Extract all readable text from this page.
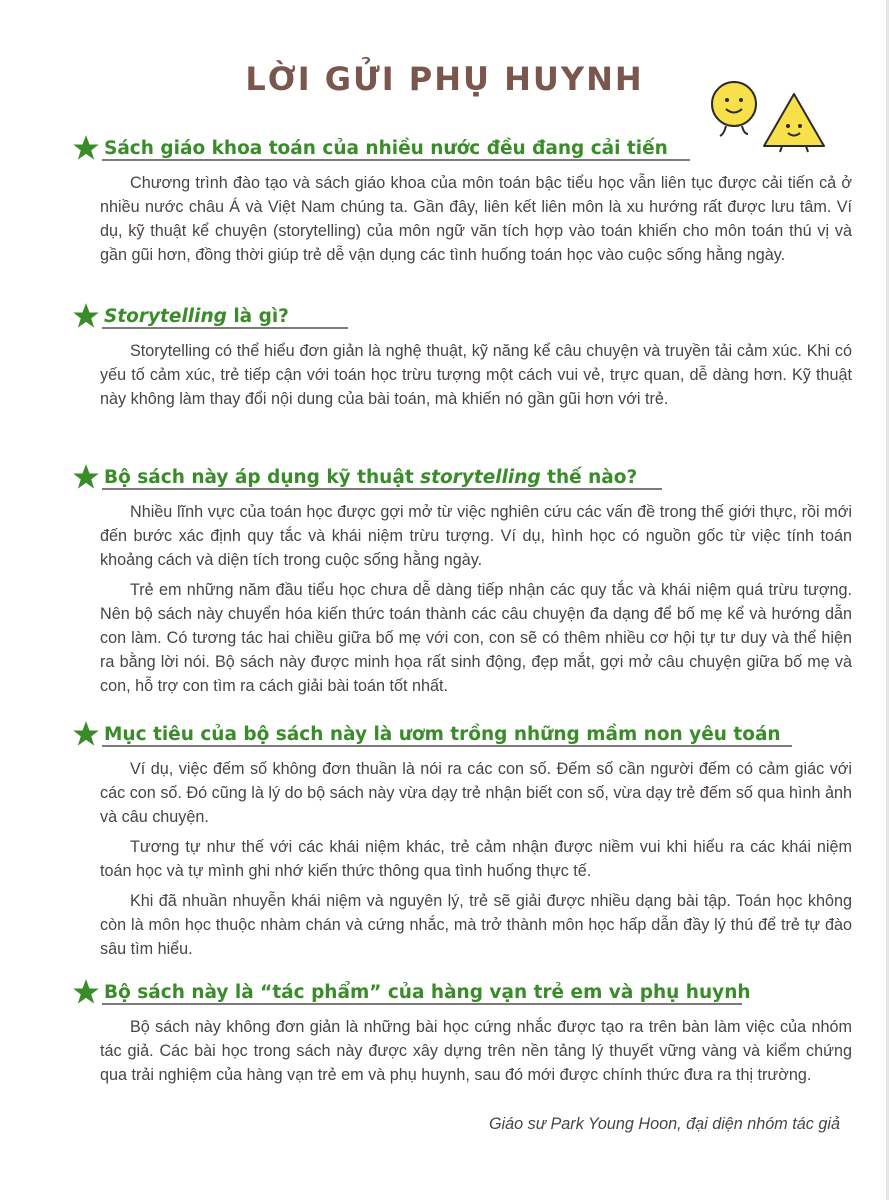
LỜI GỬI PHỤ HUYNH
Sách giáo khoa toán của nhiều nước đều đang cải tiến

Chương trình đào tạo và sách giáo khoa của môn toán bậc tiểu học vẫn liên tục được cải tiến cả ở nhiều nước châu Á và Việt Nam chúng ta. Gần đây, liên kết liên môn là xu hướng rất được lưu tâm. Ví dụ, kỹ thuật kể chuyện (storytelling) của môn ngữ văn tích hợp vào toán khiến cho môn toán thú vị và gần gũi hơn, đồng thời giúp trẻ dễ vận dụng các tình huống toán học vào cuộc sống hằng ngày.

Storytelling là gì?

Storytelling có thể hiểu đơn giản là nghệ thuật, kỹ năng kể câu chuyện và truyền tải cảm xúc. Khi có yếu tố cảm xúc, trẻ tiếp cận với toán học trừu tượng một cách vui vẻ, trực quan, dễ dàng hơn. Kỹ thuật này không làm thay đổi nội dung của bài toán, mà khiến nó gần gũi hơn với trẻ.

Bộ sách này áp dụng kỹ thuật storytelling thế nào?

Nhiều lĩnh vực của toán học được gợi mở từ việc nghiên cứu các vấn đề trong thế giới thực, rồi mới đến bước xác định quy tắc và khái niệm trừu tượng. Ví dụ, hình học có nguồn gốc từ việc tính toán khoảng cách và diện tích trong cuộc sống hằng ngày.

Trẻ em những năm đầu tiểu học chưa dễ dàng tiếp nhận các quy tắc và khái niệm quá trừu tượng. Nên bộ sách này chuyển hóa kiến thức toán thành các câu chuyện đa dạng để bố mẹ kể và hướng dẫn con làm. Có tương tác hai chiều giữa bố mẹ với con, con sẽ có thêm nhiều cơ hội tự tư duy và thể hiện ra bằng lời nói. Bộ sách này được minh họa rất sinh động, đẹp mắt, gợi mở câu chuyện giữa bố mẹ và con, hỗ trợ con tìm ra cách giải bài toán tốt nhất.

Mục tiêu của bộ sách này là ươm trồng những mầm non yêu toán

Ví dụ, việc đếm số không đơn thuần là nói ra các con số. Đếm số cần người đếm có cảm giác với các con số. Đó cũng là lý do bộ sách này vừa dạy trẻ nhận biết con số, vừa dạy trẻ đếm số qua hình ảnh và câu chuyện.

Tương tự như thế với các khái niệm khác, trẻ cảm nhận được niềm vui khi hiểu ra các khái niệm toán học và tự mình ghi nhớ kiến thức thông qua tình huống thực tế.

Khi đã nhuần nhuyễn khái niệm và nguyên lý, trẻ sẽ giải được nhiều dạng bài tập. Toán học không còn là môn học thuộc nhàm chán và cứng nhắc, mà trở thành môn học hấp dẫn đầy lý thú để trẻ tự đào sâu tìm hiểu.

Bộ sách này là “tác phẩm” của hàng vạn trẻ em và phụ huynh

Bộ sách này không đơn giản là những bài học cứng nhắc được tạo ra trên bàn làm việc của nhóm tác giả. Các bài học trong sách này được xây dựng trên nền tảng lý thuyết vững vàng và kiểm chứng qua trải nghiệm của hàng vạn trẻ em và phụ huynh, sau đó mới được chính thức đưa ra thị trường.

Giáo sư Park Young Hoon, đại diện nhóm tác giả
